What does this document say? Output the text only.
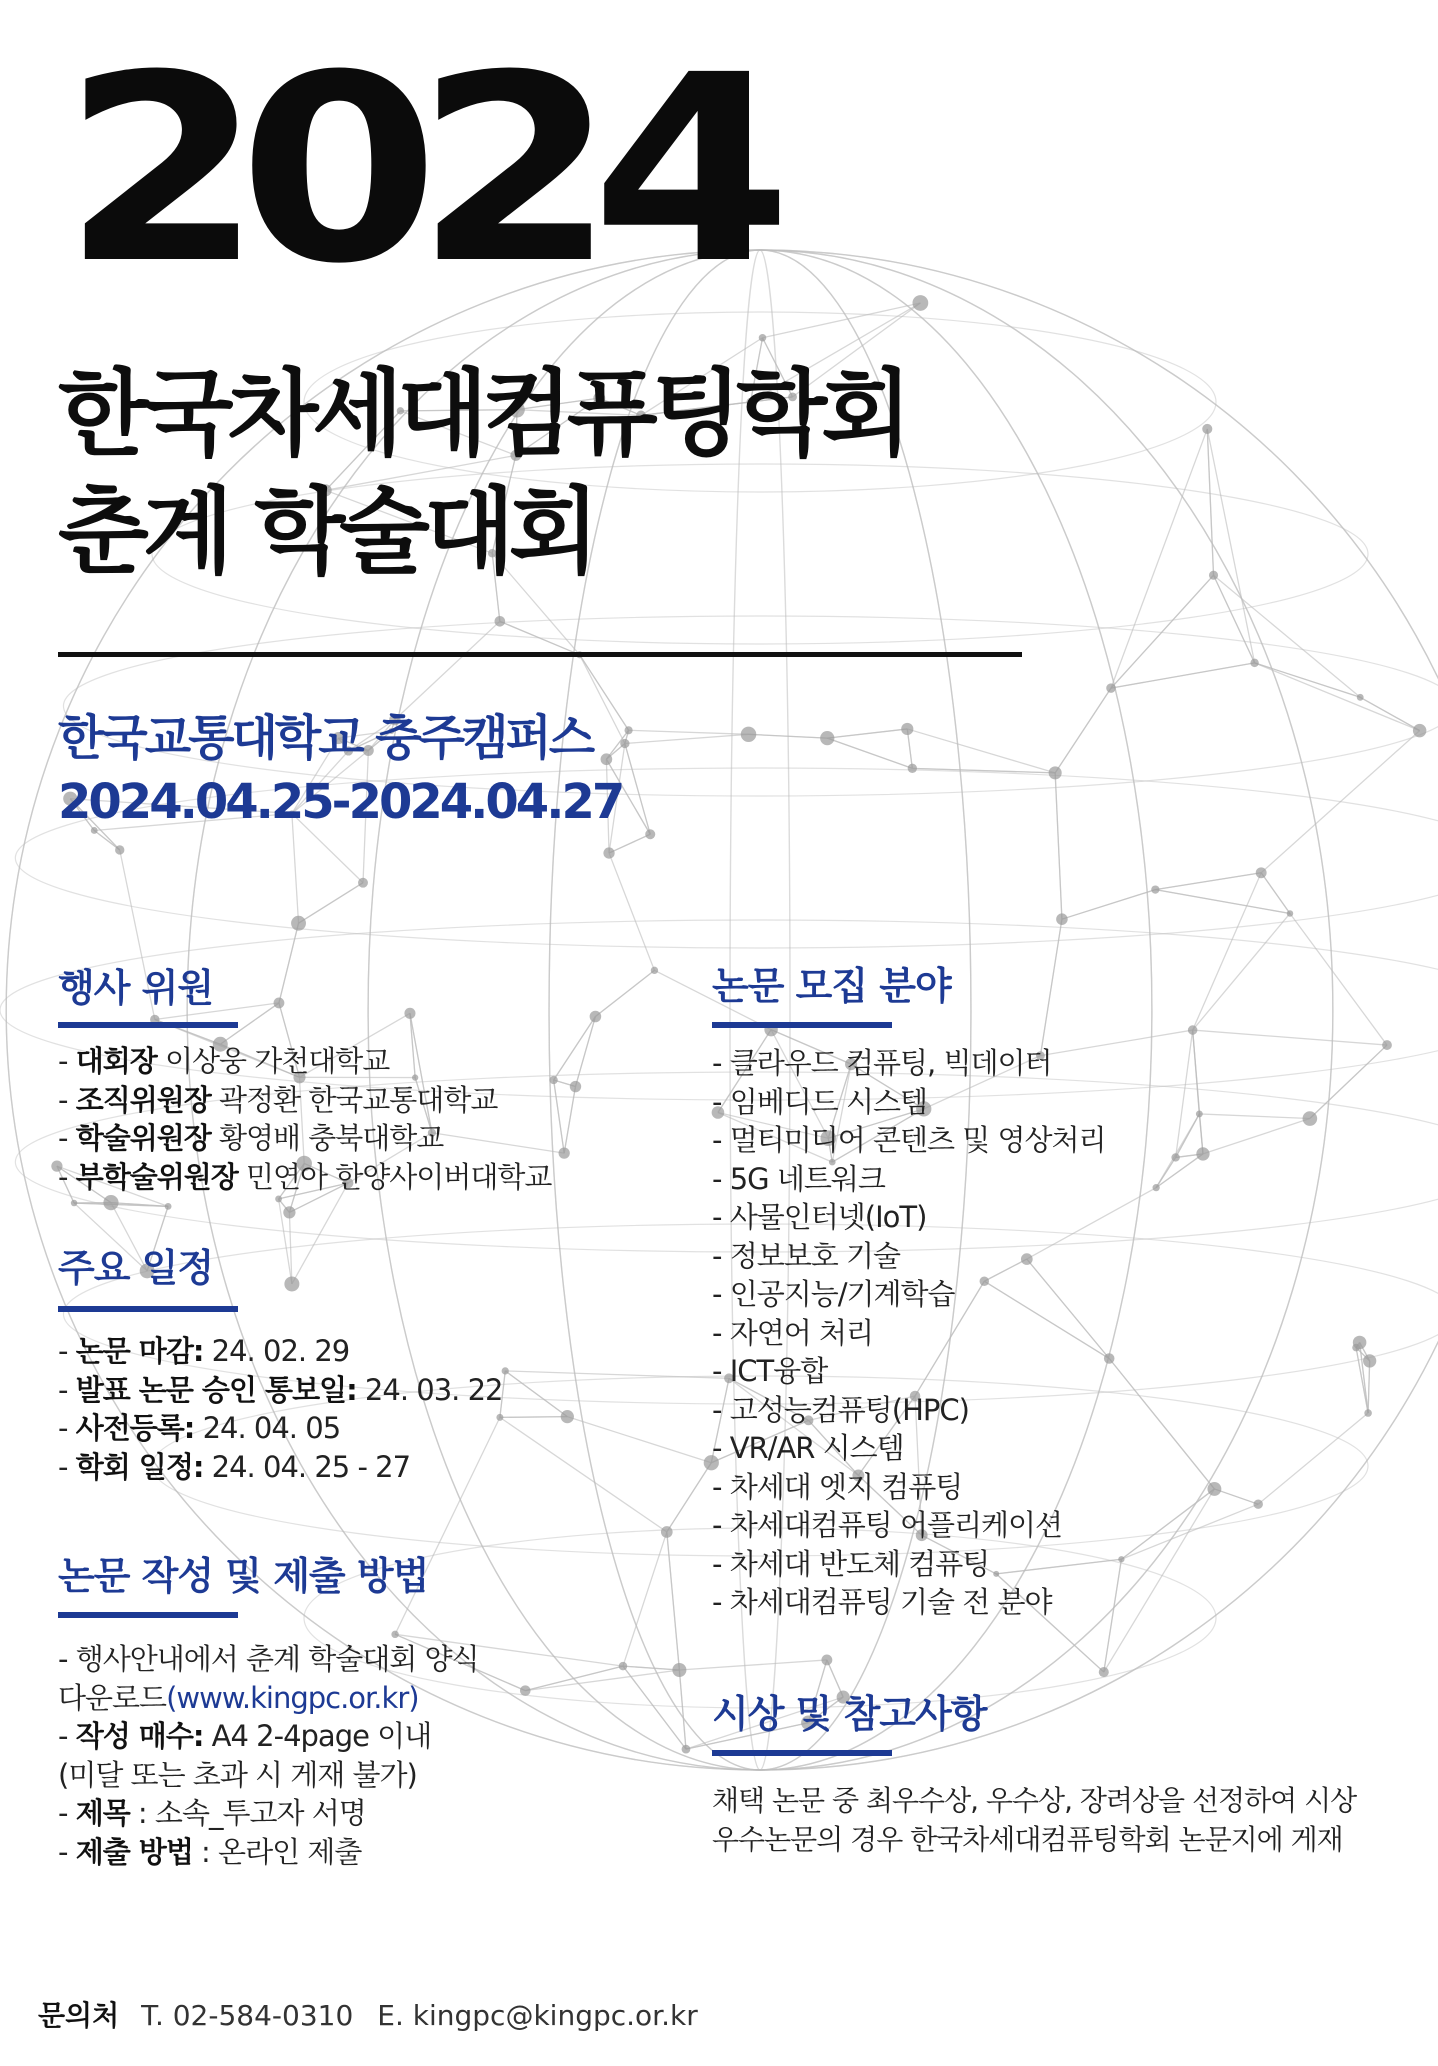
2024
한국차세대컴퓨팅학회
춘계 학술대회
한국교통대학교 충주캠퍼스
2024.04.25-2024.04.27
행사 위원
- 대회장 이상웅 가천대학교
- 조직위원장 곽정환 한국교통대학교
- 학술위원장 황영배 충북대학교
- 부학술위원장 민연아 한양사이버대학교
주요 일정
- 논문 마감: 24. 02. 29
- 발표 논문 승인 통보일: 24. 03. 22
- 사전등록: 24. 04. 05
- 학회 일정: 24. 04. 25 - 27
논문 작성 및 제출 방법
- 행사안내에서 춘계 학술대회 양식
다운로드(www.kingpc.or.kr)
- 작성 매수: A4 2-4page 이내
(미달 또는 초과 시 게재 불가)
- 제목 : 소속_투고자 서명
- 제출 방법 : 온라인 제출
논문 모집 분야
- 클라우드 컴퓨팅, 빅데이터
- 임베디드 시스템
- 멀티미디어 콘텐츠 및 영상처리
- 5G 네트워크
- 사물인터넷(IoT)
- 정보보호 기술
- 인공지능/기계학습
- 자연어 처리
- ICT융합
- 고성능컴퓨팅(HPC)
- VR/AR 시스템
- 차세대 엣지 컴퓨팅
- 차세대컴퓨팅 어플리케이션
- 차세대 반도체 컴퓨팅
- 차세대컴퓨팅 기술 전 분야
시상 및 참고사항
채택 논문 중 최우수상, 우수상, 장려상을 선정하여 시상
우수논문의 경우 한국차세대컴퓨팅학회 논문지에 게재
문의처 T. 02-584-0310 E. kingpc@kingpc.or.kr
